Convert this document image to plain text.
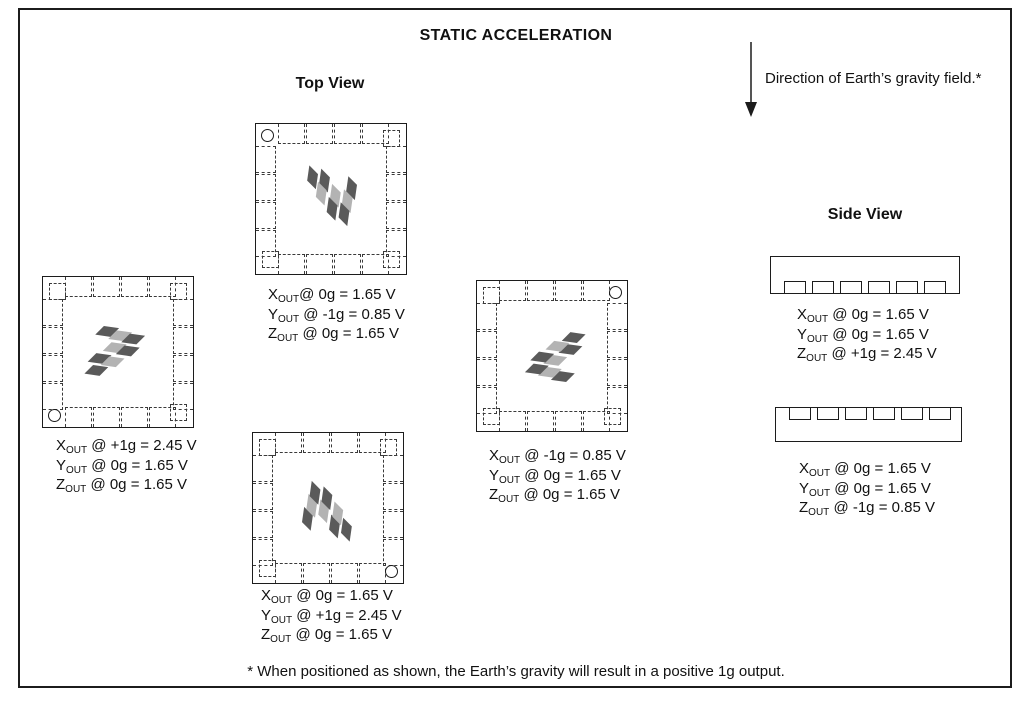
STATIC ACCELERATION
Top View
Side View
Direction of Earth’s gravity field.*
$X_{OUT}@$ 0g = 1.65 V
$Y_{OUT}$ @ -1g = 0.85 V
$Z_{OUT}$ @ 0g = 1.65 V
$X_{OUT}$ @ +1g = 2.45 V
$Y_{OUT}$ @ 0g = 1.65 V
$Z_{OUT}$ @ 0g = 1.65 V
$X_{OUT}$ @ -1g = 0.85 V
$Y_{OUT}$ @ 0g = 1.65 V
$Z_{OUT}$ @ 0g = 1.65 V
$X_{OUT}$ @ 0g = 1.65 V
$Y_{OUT}$ @ +1g = 2.45 V
$Z_{OUT}$ @ 0g = 1.65 V
$X_{OUT}$ @ 0g = 1.65 V
$Y_{OUT}$ @ 0g = 1.65 V
$Z_{OUT}$ @ +1g = 2.45 V
$X_{OUT}$ @ 0g = 1.65 V
$Y_{OUT}$ @ 0g = 1.65 V
$Z_{OUT}$ @ -1g = 0.85 V
* When positioned as shown, the Earth’s gravity will result in a positive 1g output.
